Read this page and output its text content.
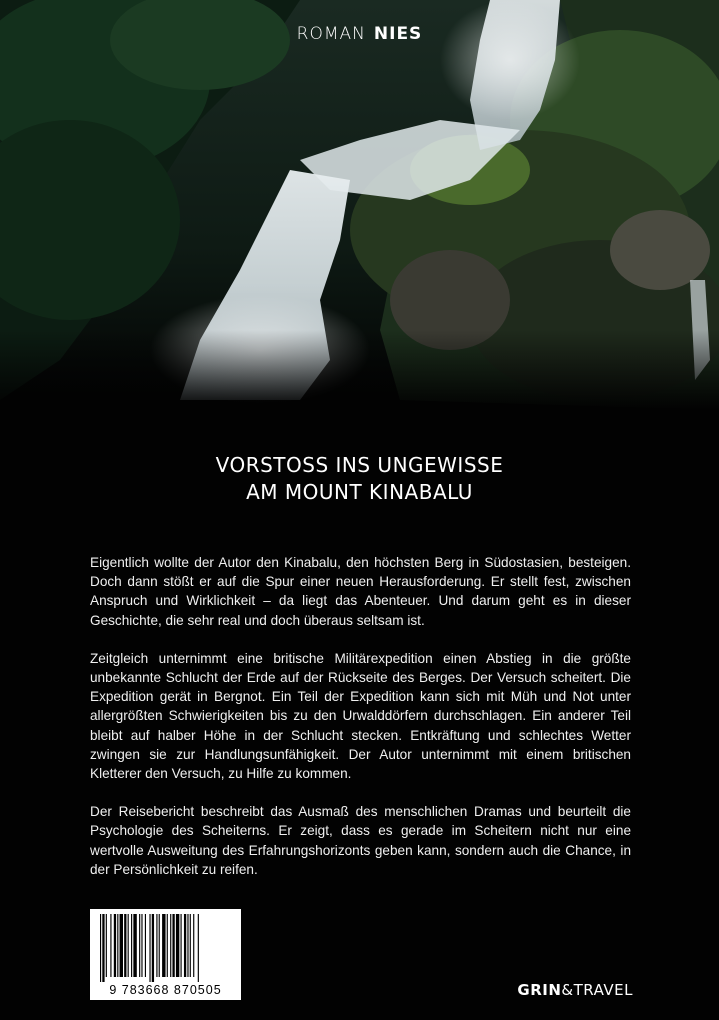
ROMAN NIES
VORSTOSS INS UNGEWISSE
AM MOUNT KINABALU

Eigentlich wollte der Autor den Kinabalu, den höchsten Berg in Südostasien, besteigen. Doch dann stößt er auf die Spur einer neuen Herausforderung. Er stellt fest, zwischen Anspruch und Wirklichkeit – da liegt das Abenteuer. Und darum geht es in dieser Geschichte, die sehr real und doch überaus seltsam ist.

Zeitgleich unternimmt eine britische Militärexpedition einen Abstieg in die größte unbekannte Schlucht der Erde auf der Rückseite des Berges. Der Versuch scheitert. Die Expedition gerät in Bergnot. Ein Teil der Expedition kann sich mit Müh und Not unter allergrößten Schwierigkeiten bis zu den Urwalddörfern durchschlagen. Ein anderer Teil bleibt auf halber Höhe in der Schlucht stecken. Entkräftung und schlechtes Wetter zwingen sie zur Handlungsunfähigkeit. Der Autor unternimmt mit einem britischen Kletterer den Versuch, zu Hilfe zu kommen.

Der Reisebericht beschreibt das Ausmaß des menschlichen Dramas und beurteilt die Psychologie des Scheiterns. Er zeigt, dass es gerade im Scheitern nicht nur eine wertvolle Ausweitung des Erfahrungshorizonts geben kann, sondern auch die Chance, in der Persönlichkeit zu reifen.

9 783668 870505	GRIN&TRAVEL
